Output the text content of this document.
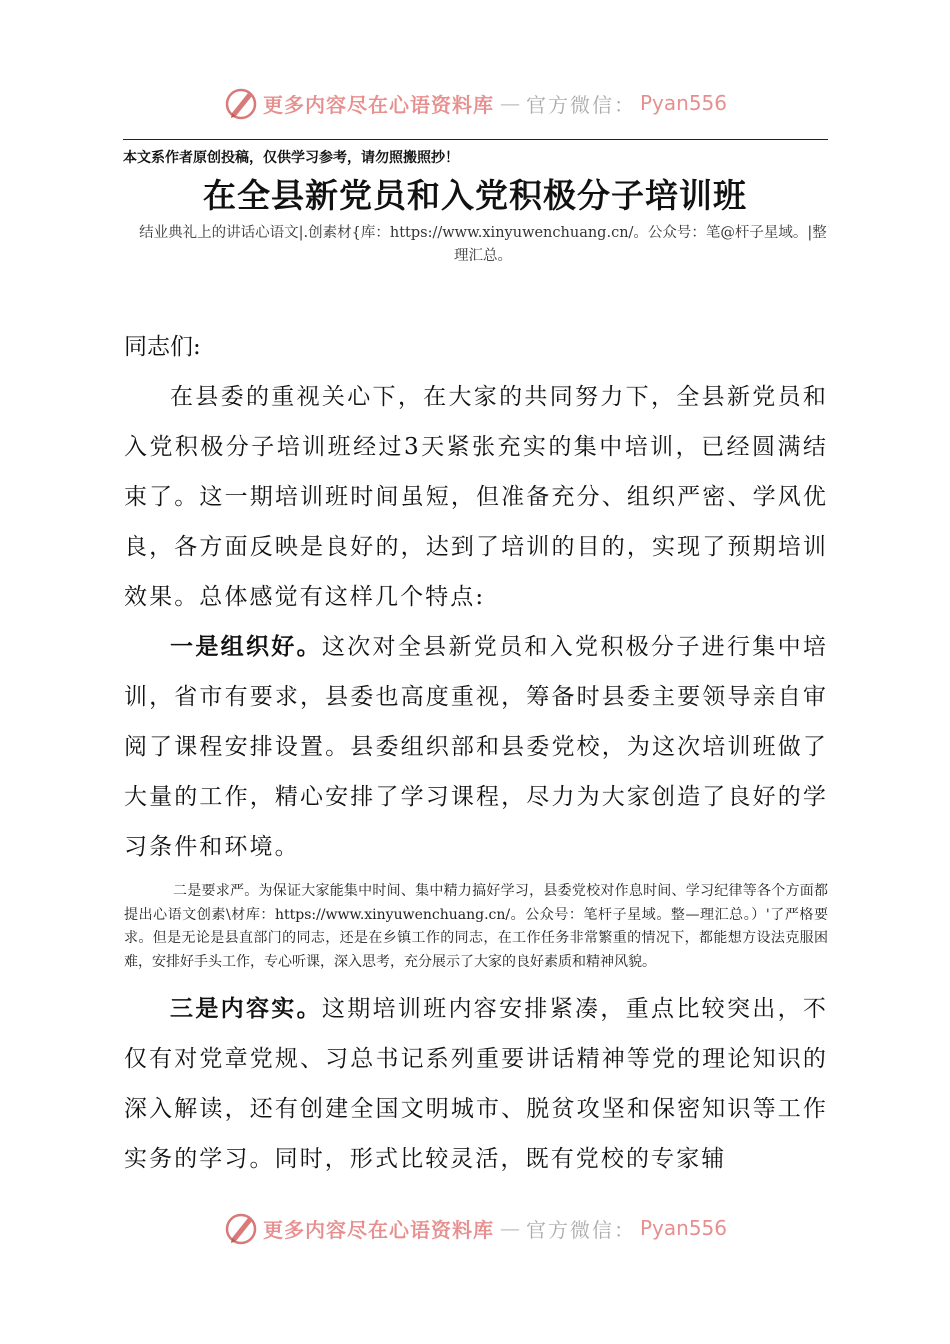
更多内容尽在心语资料库 — 官方微信： Pyan556
本文系作者原创投稿，仅供学习参考，请勿照搬照抄！
在全县新党员和入党积极分子培训班
结业典礼上的讲话心语文|.创素材{库：https://www.xinyuwenchuang.cn/。公众号：笔@杆子星域。|整理汇总。
同志们:

在县委的重视关心下，在大家的共同努力下，全县新党员和入党积极分子培训班经过3天紧张充实的集中培训，已经圆满结束了。这一期培训班时间虽短，但准备充分、组织严密、学风优良，各方面反映是良好的，达到了培训的目的，实现了预期培训效果。总体感觉有这样几个特点:

一是组织好。这次对全县新党员和入党积极分子进行集中培训，省市有要求，县委也高度重视，筹备时县委主要领导亲自审阅了课程安排设置。县委组织部和县委党校，为这次培训班做了大量的工作，精心安排了学习课程，尽力为大家创造了良好的学习条件和环境。

二是要求严。为保证大家能集中时间、集中精力搞好学习，县委党校对作息时间、学习纪律等各个方面都提出心语文创素\材库：https://www.xinyuwenchuang.cn/。公众号：笔杆子星域。整—理汇总。）'了严格要求。但是无论是县直部门的同志，还是在乡镇工作的同志，在工作任务非常繁重的情况下，都能想方设法克服困难，安排好手头工作，专心听课，深入思考，充分展示了大家的良好素质和精神风貌。

三是内容实。这期培训班内容安排紧凑，重点比较突出，不仅有对党章党规、习总书记系列重要讲话精神等党的理论知识的深入解读，还有创建全国文明城市、脱贫攻坚和保密知识等工作实务的学习。同时，形式比较灵活，既有党校的专家辅

更多内容尽在心语资料库 — 官方微信： Pyan556
